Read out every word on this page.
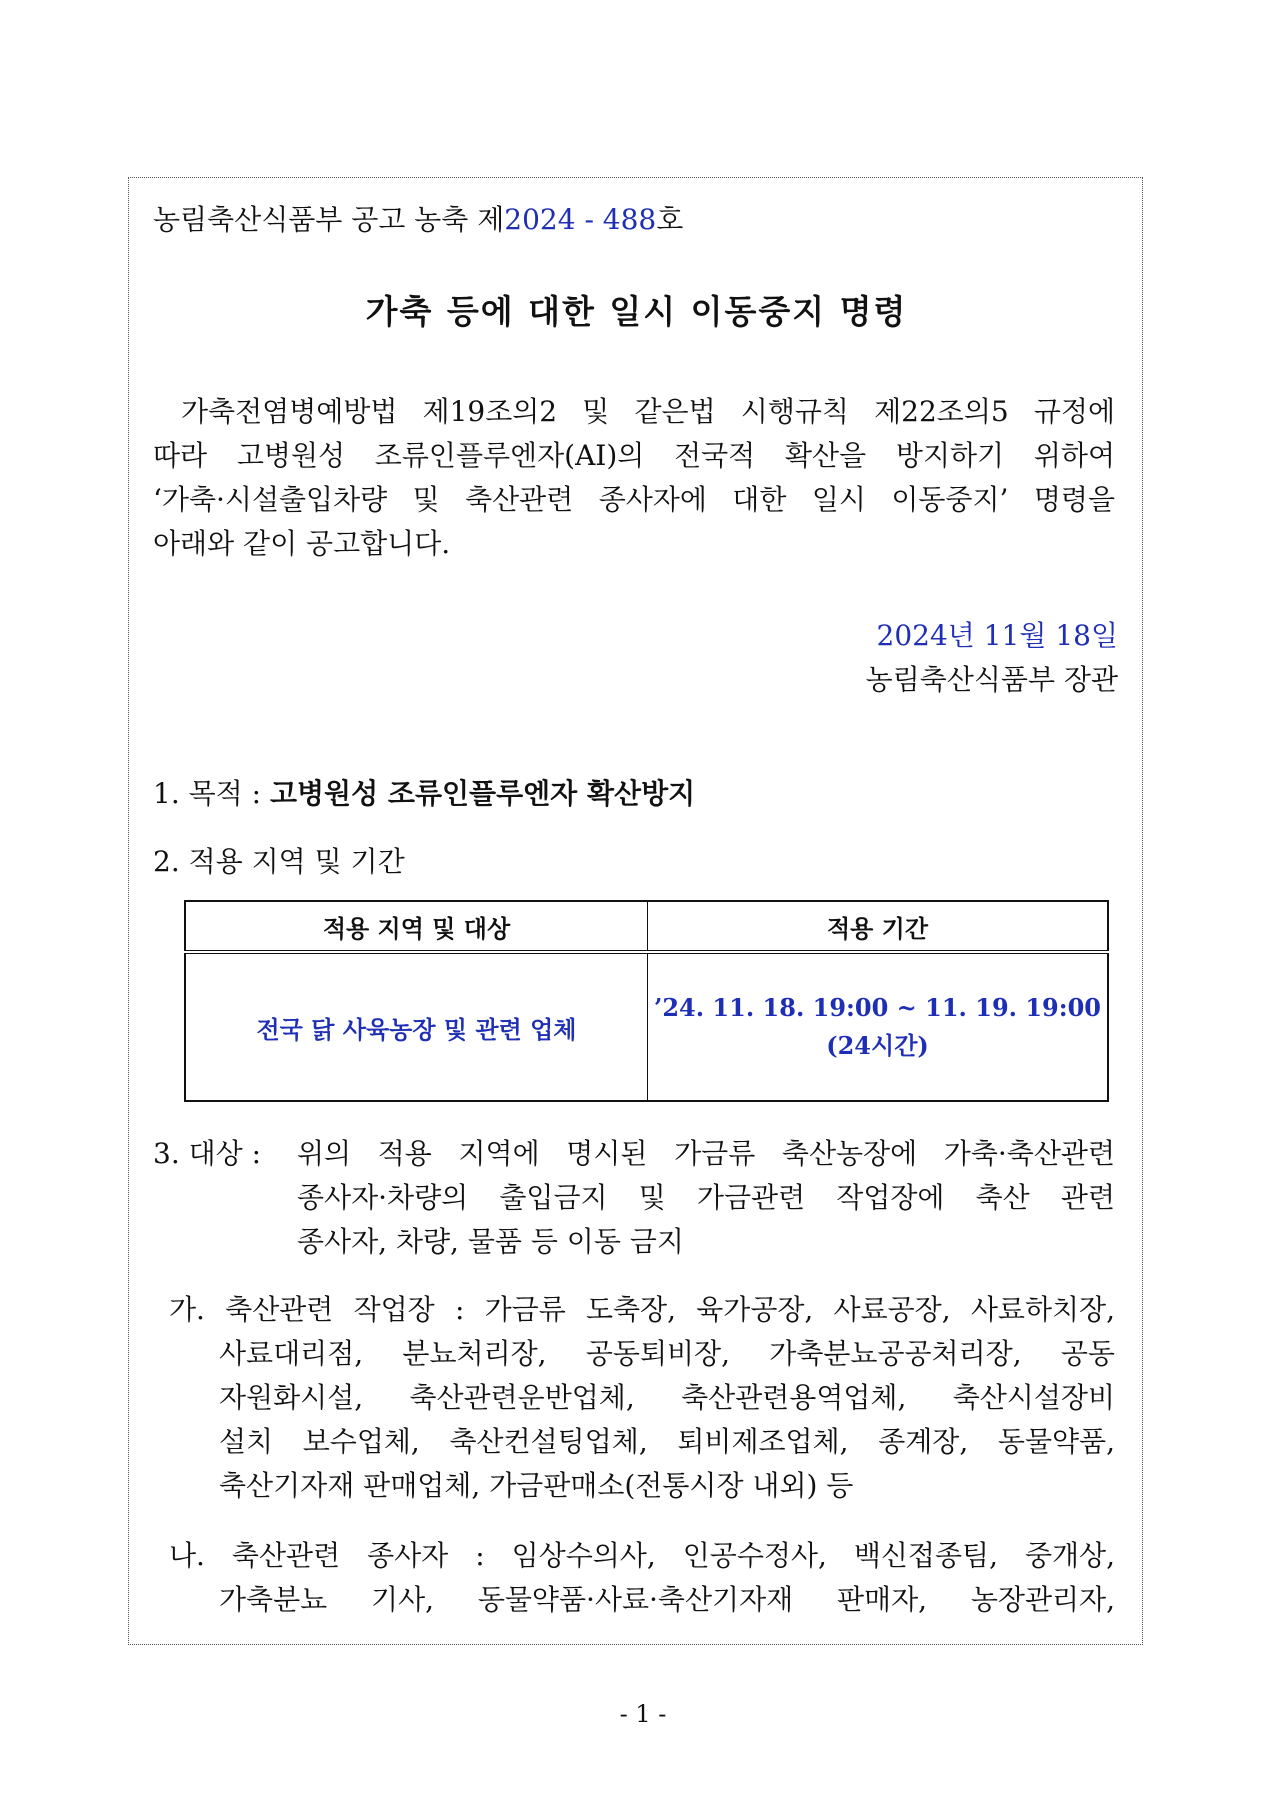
농림축산식품부 공고 농축 제2024 - 488호
가축 등에 대한 일시 이동중지 명령
가축전염병예방법 제19조의2 및 같은법 시행규칙 제22조의5 규정에
따라 고병원성 조류인플루엔자(AI)의 전국적 확산을 방지하기 위하여
‘가축·시설출입차량 및 축산관련 종사자에 대한 일시 이동중지’ 명령을
아래와 같이 공고합니다.
2024년 11월 18일
농림축산식품부 장관
1. 목적 : 고병원성 조류인플루엔자 확산방지
2. 적용 지역 및 기간
적용 지역 및 대상	적용 기간
전국 닭 사육농장 및 관련 업체	’24. 11. 18. 19:00 ~ 11. 19. 19:00
(24시간)
3. 대상 : 위의 적용 지역에 명시된 가금류 축산농장에 가축·축산관련
종사자·차량의 출입금지 및 가금관련 작업장에 축산 관련
종사자, 차량, 물품 등 이동 금지
가. 축산관련 작업장 : 가금류 도축장, 육가공장, 사료공장, 사료하치장,
사료대리점, 분뇨처리장, 공동퇴비장, 가축분뇨공공처리장, 공동
자원화시설, 축산관련운반업체, 축산관련용역업체, 축산시설장비
설치 보수업체, 축산컨설팅업체, 퇴비제조업체, 종계장, 동물약품,
축산기자재 판매업체, 가금판매소(전통시장 내외) 등
나. 축산관련 종사자 : 임상수의사, 인공수정사, 백신접종팀, 중개상,
가축분뇨 기사, 동물약품·사료·축산기자재 판매자, 농장관리자,
- 1 -
